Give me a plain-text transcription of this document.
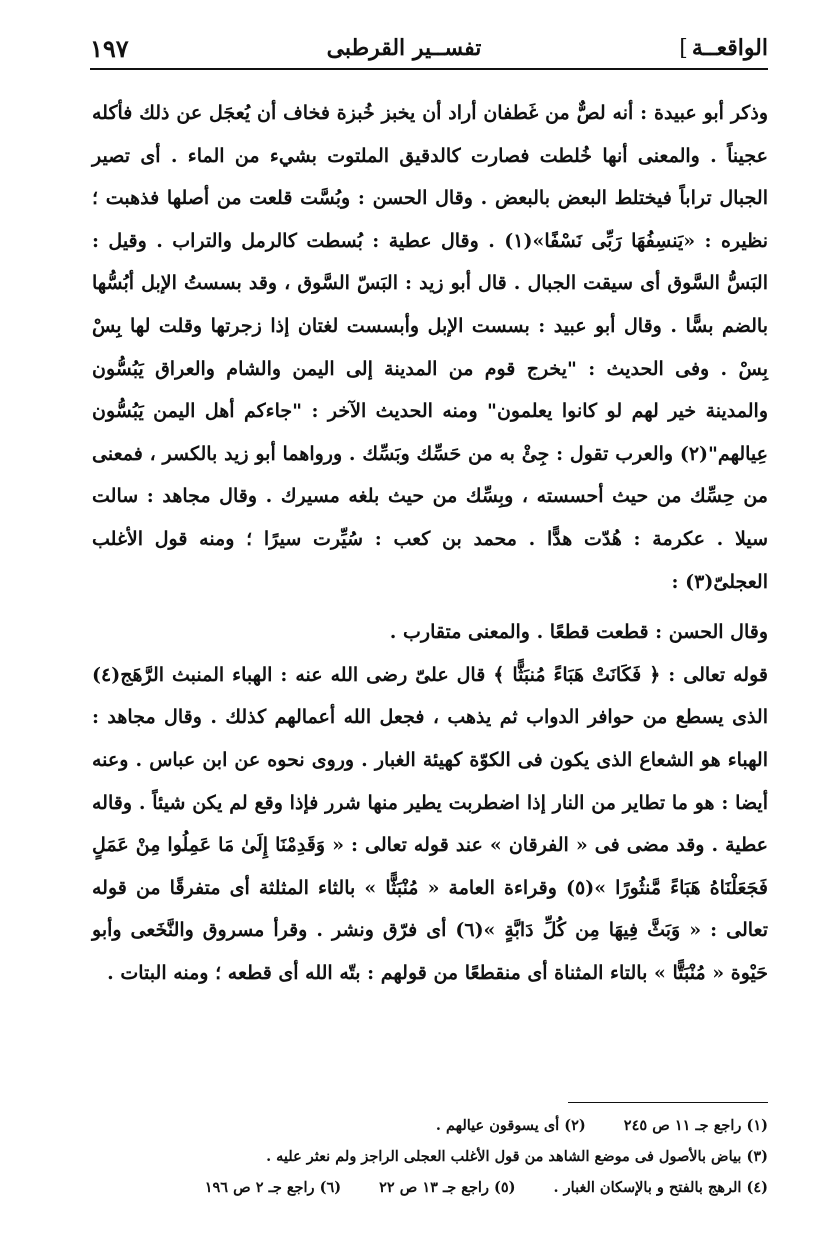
الواقعــة]
تفســير القرطبى
١٩٧

وذكر أبو عبيدة : أنه لصٌّ من غَطفان أراد أن يخبز خُبزة فخاف أن يُعجَل عن ذلك فأكله عجيناً . والمعنى أنها خُلطت فصارت كالدقيق الملتوت بشيء من الماء . أى تصير الجبال تراباً فيختلط البعض بالبعض . وقال الحسن : وبُسَّت قلعت من أصلها فذهبت ؛ نظيره : «يَنسِفُهَا رَبِّى نَسْفًا»(١) . وقال عطية : بُسطت كالرمل والتراب . وقيل : البَسُّ السَّوق أى سيقت الجبال . قال أبو زيد : البَسّ السَّوق ، وقد بسستُ الإبل أبُسُّها بالضم بسًّا . وقال أبو عبيد : بسست الإبل وأبسست لغتان إذا زجرتها وقلت لها بِسْ بِسْ . وفى الحديث : "يخرج قوم من المدينة إلى اليمن والشام والعراق يَبُسُّون والمدينة خير لهم لو كانوا يعلمون" ومنه الحديث الآخر : "جاءكم أهل اليمن يَبُسُّون عِيالهم"(٢) والعرب تقول : جِئْ به من حَسِّك وبَسِّك . ورواهما أبو زيد بالكسر ، فمعنى من حِسِّك من حيث أحسسته ، وبِسِّك من حيث بلغه مسيرك . وقال مجاهد : سالت سيلا . عكرمة : هُدّت هدًّا . محمد بن كعب : سُيِّرت سيرًا ؛ ومنه قول الأغلب العجلىّ(٣) :

وقال الحسن : قطعت قطعًا . والمعنى متقارب .

قوله تعالى : ﴿ فَكَانَتْ هَبَاءً مُنبَثًّا ﴾ قال علىّ رضى الله عنه : الهباء المنبث الرَّهَج(٤) الذى يسطع من حوافر الدواب ثم يذهب ، فجعل الله أعمالهم كذلك . وقال مجاهد : الهباء هو الشعاع الذى يكون فى الكوّة كهيئة الغبار . وروى نحوه عن ابن عباس . وعنه أيضا : هو ما تطاير من النار إذا اضطربت يطير منها شرر فإذا وقع لم يكن شيئاً . وقاله عطية . وقد مضى فى « الفرقان » عند قوله تعالى : « وَقَدِمْنَا إِلَىٰ مَا عَمِلُوا مِنْ عَمَلٍ فَجَعَلْنَاهُ هَبَاءً مَّنثُورًا »(٥) وقراءة العامة « مُنْبَثًّا » بالثاء المثلثة أى متفرقًا من قوله تعالى : « وَبَثَّ فِيهَا مِن كُلِّ دَابَّةٍ »(٦) أى فرّق ونشر . وقرأ مسروق والنَّخَعى وأبو حَيْوة « مُنْبَتًّا » بالتاء المثناة أى منقطعًا من قولهم : بتّه الله أى قطعه ؛ ومنه البتات .

(١) راجع جـ ١١ ص ٢٤٥
(٢) أى يسوقون عيالهم .
(٣) بياض بالأصول فى موضع الشاهد من قول الأغلب العجلى الراجز ولم نعثر عليه .
(٤) الرهج بالفتح و بالإسكان الغبار .
(٥) راجع جـ ١٣ ص ٢٢
(٦) راجع جـ ٢ ص ١٩٦
